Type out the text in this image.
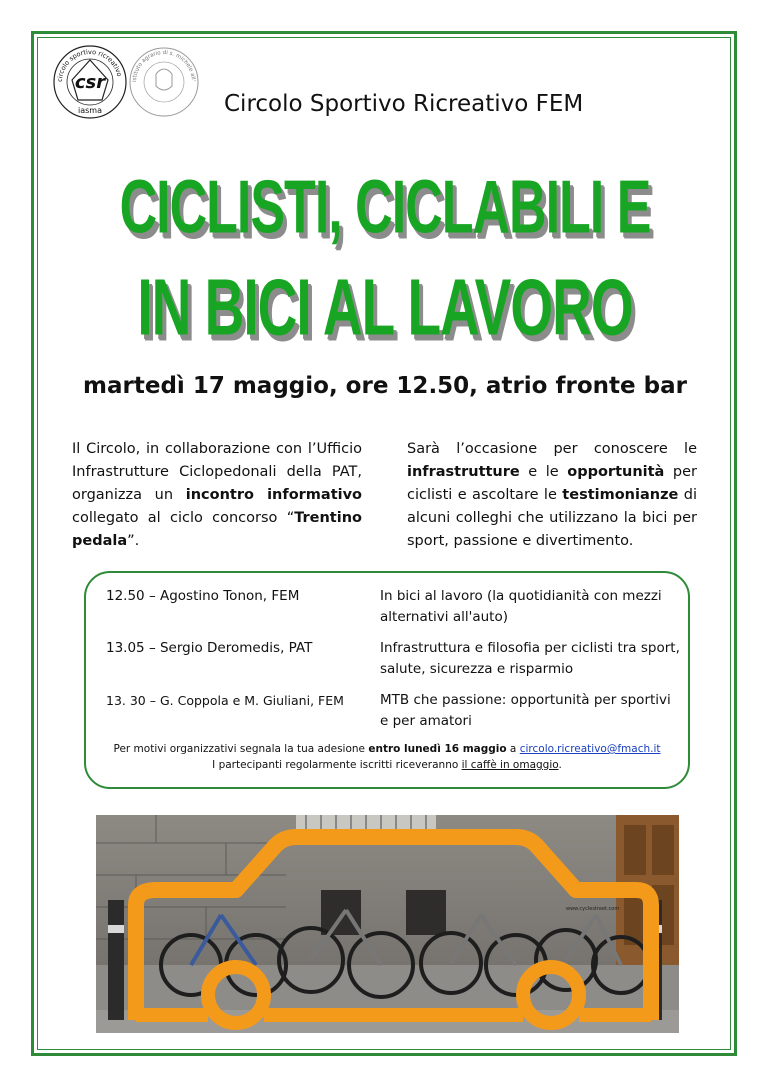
csr
iasma
circolo sportivo ricreativo
istituto agrario di s. michele all'
Circolo Sportivo Ricreativo FEM
CICLISTI, CICLABILI E
IN BICI AL LAVORO
martedì 17 maggio, ore 12.50, atrio fronte bar
Il Circolo, in collaborazione con l’Ufficio Infrastrutture Ciclopedonali della PAT, organizza un incontro informativo collegato al ciclo concorso “Trentino pedala”.
Sarà l’occasione per conoscere le infrastrutture e le opportunità per ciclisti e ascoltare le testimonianze di alcuni colleghi che utilizzano la bici per sport, passione e divertimento.
12.50 – Agostino Tonon, FEM	In bici al lavoro (la quotidianità con mezzi alternativi all'auto)
13.05 – Sergio Deromedis, PAT	Infrastruttura e filosofia per ciclisti tra sport, salute, sicurezza e risparmio
13. 30 – G. Coppola e M. Giuliani, FEM	MTB che passione: opportunità per sportivi e per amatori
Per motivi organizzativi segnala la tua adesione entro lunedì 16 maggio a circolo.ricreativo@fmach.it
I partecipanti regolarmente iscritti riceveranno il caffè in omaggio.
www.cyclestreet.com
